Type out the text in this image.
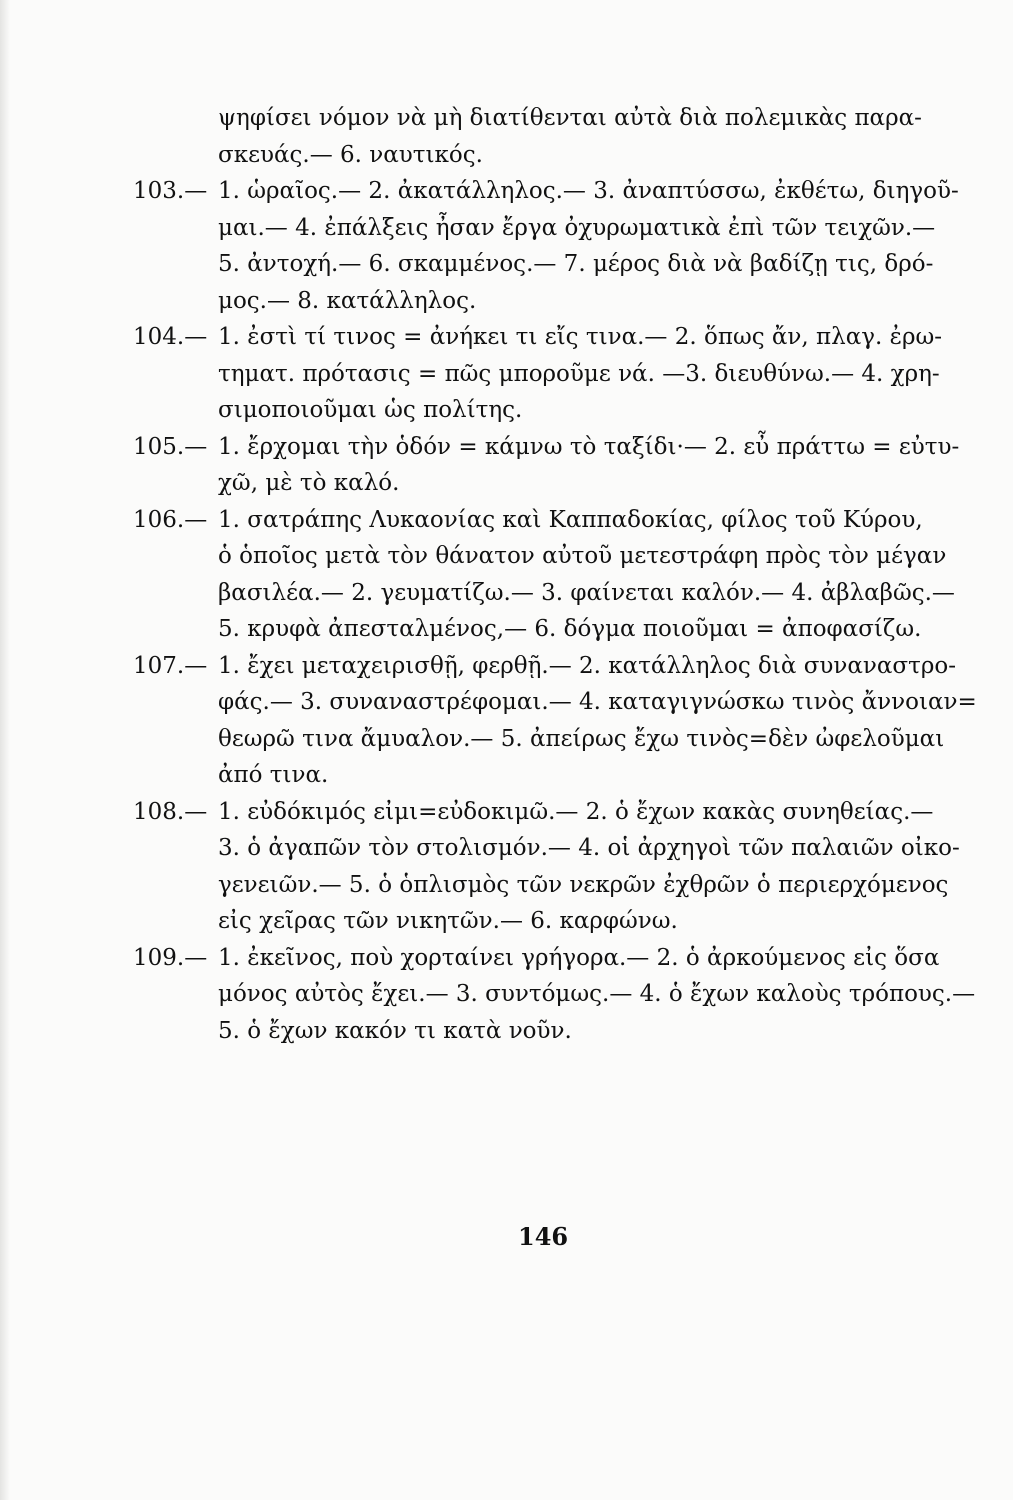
ψηφίσει νόμον νὰ μὴ διατίθενται αὐτὰ διὰ πολεμικὰς παρα-
σκευάς.— 6. ναυτικός.
103.— 1. ὡραῖος.— 2. ἀκατάλληλος.— 3. ἀναπτύσσω, ἐκθέτω, διηγοῦ-
μαι.— 4. ἐπάλξεις ἦσαν ἔργα ὀχυρωματικὰ ἐπὶ τῶν τειχῶν.—
5. ἀντοχή.— 6. σκαμμένος.— 7. μέρος διὰ νὰ βαδίζῃ τις, δρό-
μος.— 8. κατάλληλος.
104.— 1. ἐστὶ τί τινος = ἀνήκει τι εἴς τινα.— 2. ὅπως ἄν, πλαγ. ἐρω-
τηματ. πρότασις = πῶς μποροῦμε νά. —3. διευθύνω.— 4. χρη-
σιμοποιοῦμαι ὡς πολίτης.
105.— 1. ἔρχομαι τὴν ὁδόν = κάμνω τὸ ταξίδι·— 2. εὖ πράττω = εὐτυ-
χῶ, μὲ τὸ καλό.
106.— 1. σατράπης Λυκαονίας καὶ Καππαδοκίας, φίλος τοῦ Κύρου,
ὁ ὁποῖος μετὰ τὸν θάνατον αὐτοῦ μετεστράφη πρὸς τὸν μέγαν
βασιλέα.— 2. γευματίζω.— 3. φαίνεται καλόν.— 4. ἀβλαβῶς.—
5. κρυφὰ ἀπεσταλμένος,— 6. δόγμα ποιοῦμαι = ἀποφασίζω.
107.— 1. ἔχει μεταχειρισθῇ, φερθῇ.— 2. κατάλληλος διὰ συναναστρο-
φάς.— 3. συναναστρέφομαι.— 4. καταγιγνώσκω τινὸς ἄννοιαν=
θεωρῶ τινα ἄμυαλον.— 5. ἀπείρως ἔχω τινὸς=δὲν ὠφελοῦμαι
ἀπό τινα.
108.— 1. εὐδόκιμός εἰμι=εὐδοκιμῶ.— 2. ὁ ἔχων κακὰς συνηθείας.—
3. ὁ ἀγαπῶν τὸν στολισμόν.— 4. οἱ ἀρχηγοὶ τῶν παλαιῶν οἰκο-
γενειῶν.— 5. ὁ ὁπλισμὸς τῶν νεκρῶν ἐχθρῶν ὁ περιερχόμενος
εἰς χεῖρας τῶν νικητῶν.— 6. καρφώνω.
109.— 1. ἐκεῖνος, ποὺ χορταίνει γρήγορα.— 2. ὁ ἀρκούμενος εἰς ὅσα
μόνος αὐτὸς ἔχει.— 3. συντόμως.— 4. ὁ ἔχων καλοὺς τρόπους.—
5. ὁ ἔχων κακόν τι κατὰ νοῦν.
146
